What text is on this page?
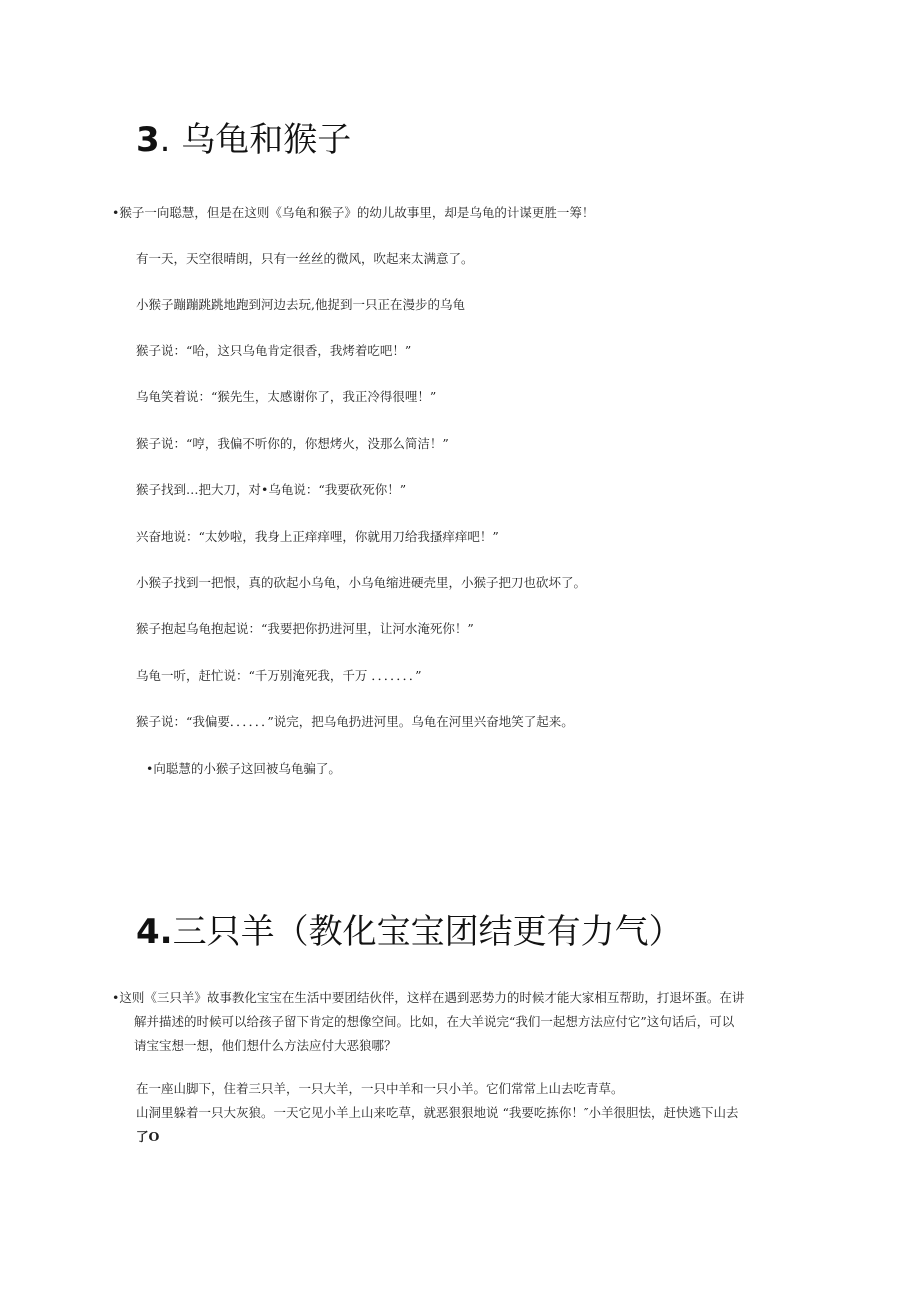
3. 乌龟和猴子

•猴子一向聪慧，但是在这则《乌龟和猴子》的幼儿故事里，却是乌龟的计谋更胜一筹！

有一天，天空很晴朗，只有一丝丝的微风，吹起来太满意了。

小猴子蹦蹦跳跳地跑到河边去玩,他捉到一只正在漫步的乌龟

猴子说：“哈，这只乌龟肯定很香，我烤着吃吧！”

乌龟笑着说：“猴先生，太感谢你了，我正冷得很哩！”

猴子说：“哼，我偏不听你的，你想烤火，没那么简洁！”

猴子找到…把大刀，对•乌龟说：“我要砍死你！”

兴奋地说：“太妙啦，我身上正痒痒哩，你就用刀给我搔痒痒吧！”

小猴子找到一把恨，真的砍起小乌龟，小乌龟缩进硬壳里，小猴子把刀也砍坏了。

猴子抱起乌龟抱起说：“我要把你扔进河里，让河水淹死你！”

乌龟一听，赶忙说：“千万别淹死我，千万 ．．．．．．．”

猴子说：“我偏要．．．．．．”说完，把乌龟扔进河里。乌龟在河里兴奋地笑了起来。

•向聪慧的小猴子这回被乌龟骗了。

4.三只羊（教化宝宝团结更有力气）

•这则《三只羊》故事教化宝宝在生活中要团结伙伴，这样在遇到恶势力的时候才能大家相互帮助，打退坏蛋。在讲

解并描述的时候可以给孩子留下肯定的想像空间。比如，在大羊说完“我们一起想方法应付它”这句话后，可以

请宝宝想一想，他们想什么方法应付大恶狼哪？

在一座山脚下，住着三只羊，一只大羊，一只中羊和一只小羊。它们常常上山去吃青草。

山洞里躲着一只大灰狼。一天它见小羊上山来吃草，就恶狠狠地说 “我要吃拣你！″小羊很胆怯，赶快逃下山去

了O
